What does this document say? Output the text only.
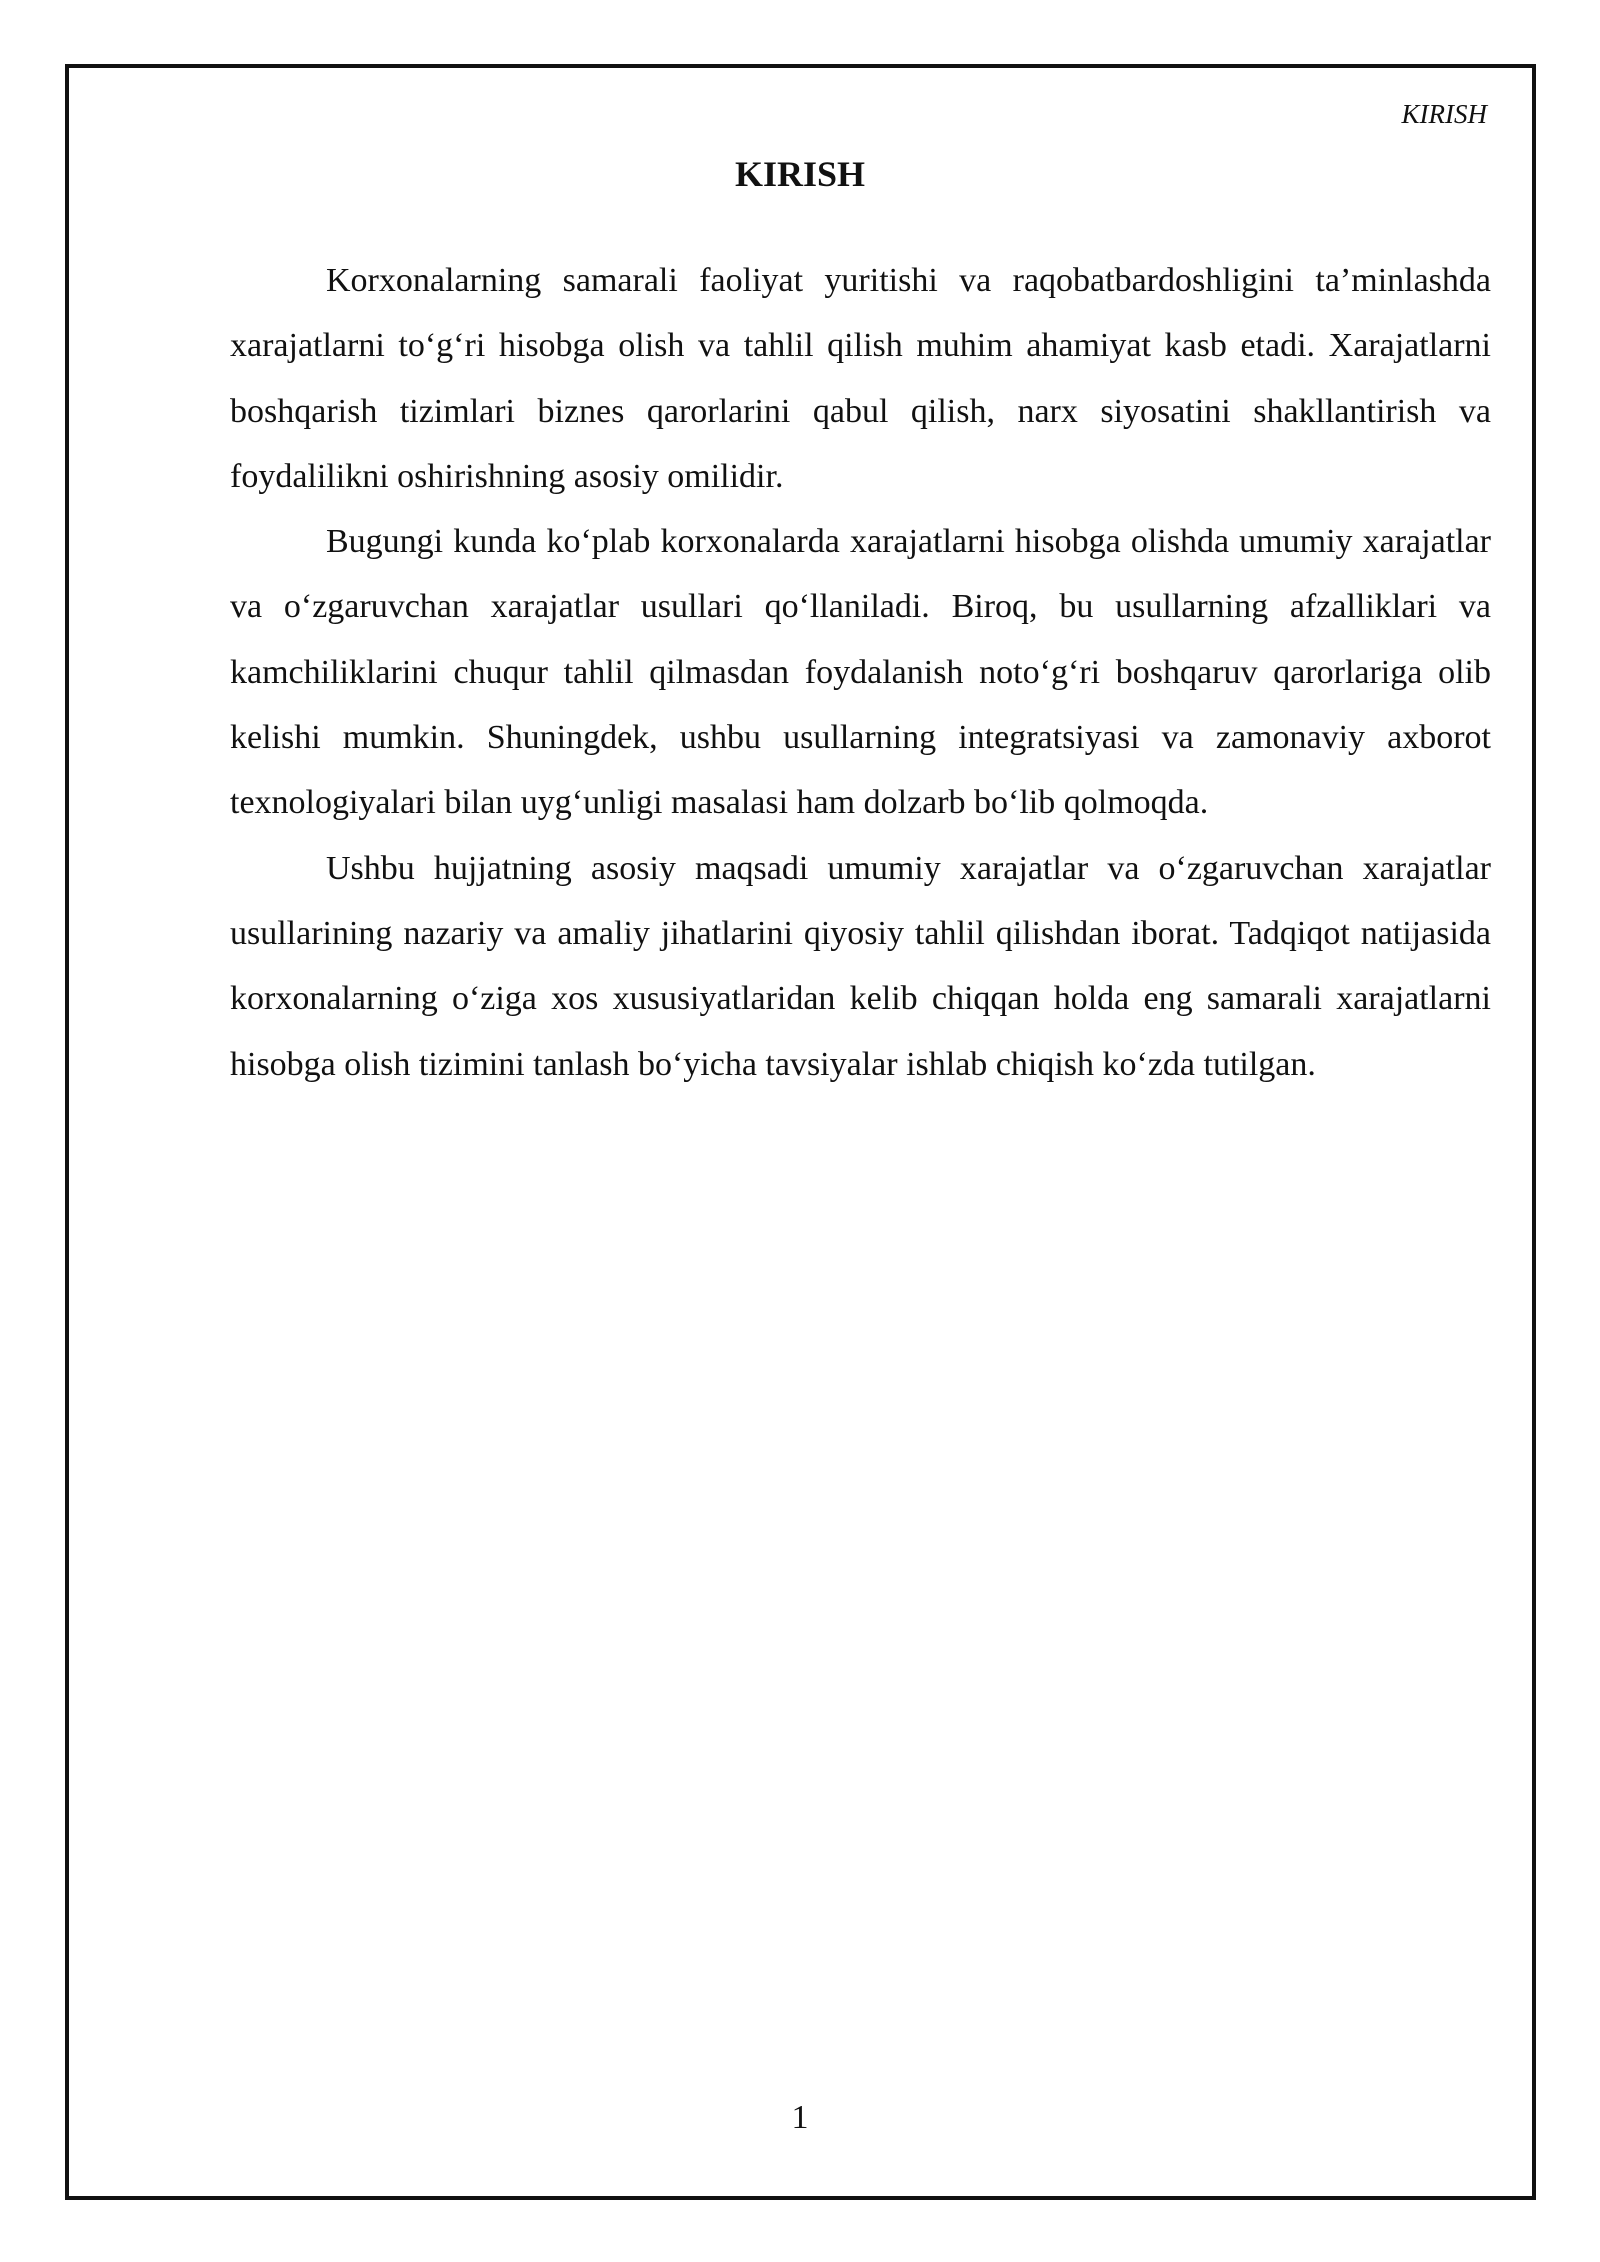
KIRISH

KIRISH

Korxonalarning samarali faoliyat yuritishi va raqobatbardoshligini ta’minlashda xarajatlarni to‘g‘ri hisobga olish va tahlil qilish muhim ahamiyat kasb etadi. Xarajatlarni boshqarish tizimlari biznes qarorlarini qabul qilish, narx siyosatini shakllantirish va foydalilikni oshirishning asosiy omilidir.

Bugungi kunda ko‘plab korxonalarda xarajatlarni hisobga olishda umumiy xarajatlar va o‘zgaruvchan xarajatlar usullari qo‘llaniladi. Biroq, bu usullarning afzalliklari va kamchiliklarini chuqur tahlil qilmasdan foydalanish noto‘g‘ri boshqaruv qarorlariga olib kelishi mumkin. Shuningdek, ushbu usullarning integratsiyasi va zamonaviy axborot texnologiyalari bilan uyg‘unligi masalasi ham dolzarb bo‘lib qolmoqda.

Ushbu hujjatning asosiy maqsadi umumiy xarajatlar va o‘zgaruvchan xarajatlar usullarining nazariy va amaliy jihatlarini qiyosiy tahlil qilishdan iborat. Tadqiqot natijasida korxonalarning o‘ziga xos xususiyatlaridan kelib chiqqan holda eng samarali xarajatlarni hisobga olish tizimini tanlash bo‘yicha tavsiyalar ishlab chiqish ko‘zda tutilgan.

1
